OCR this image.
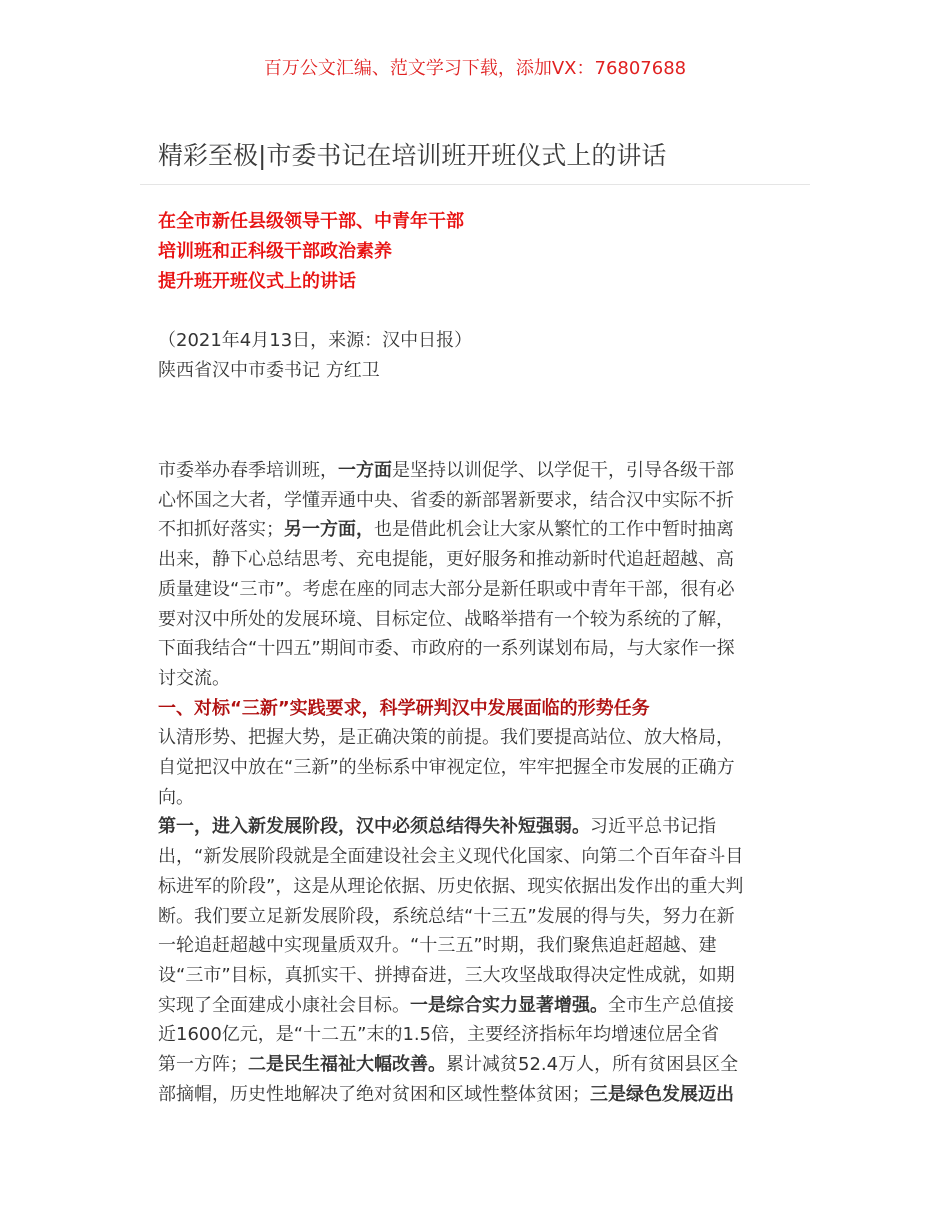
百万公文汇编、范文学习下载，添加VX：76807688
精彩至极|市委书记在培训班开班仪式上的讲话
在全市新任县级领导干部、中青年干部
培训班和正科级干部政治素养
提升班开班仪式上的讲话
（2021年4月13日，来源：汉中日报）
陕西省汉中市委书记 方红卫
市委举办春季培训班，一方面是坚持以训促学、以学促干，引导各级干部
心怀国之大者，学懂弄通中央、省委的新部署新要求，结合汉中实际不折
不扣抓好落实；另一方面，也是借此机会让大家从繁忙的工作中暂时抽离
出来，静下心总结思考、充电提能，更好服务和推动新时代追赶超越、高
质量建设“三市”。考虑在座的同志大部分是新任职或中青年干部，很有必
要对汉中所处的发展环境、目标定位、战略举措有一个较为系统的了解，
下面我结合“十四五”期间市委、市政府的一系列谋划布局，与大家作一探
讨交流。
一、对标“三新”实践要求，科学研判汉中发展面临的形势任务
认清形势、把握大势，是正确决策的前提。我们要提高站位、放大格局，
自觉把汉中放在“三新”的坐标系中审视定位，牢牢把握全市发展的正确方
向。
第一，进入新发展阶段，汉中必须总结得失补短强弱。习近平总书记指
出，“新发展阶段就是全面建设社会主义现代化国家、向第二个百年奋斗目
标进军的阶段”，这是从理论依据、历史依据、现实依据出发作出的重大判
断。我们要立足新发展阶段，系统总结“十三五”发展的得与失，努力在新
一轮追赶超越中实现量质双升。“十三五”时期，我们聚焦追赶超越、建
设“三市”目标，真抓实干、拼搏奋进，三大攻坚战取得决定性成就，如期
实现了全面建成小康社会目标。一是综合实力显著增强。全市生产总值接
近1600亿元，是“十二五”末的1.5倍，主要经济指标年均增速位居全省
第一方阵；二是民生福祉大幅改善。累计减贫52.4万人，所有贫困县区全
部摘帽，历史性地解决了绝对贫困和区域性整体贫困；三是绿色发展迈出
